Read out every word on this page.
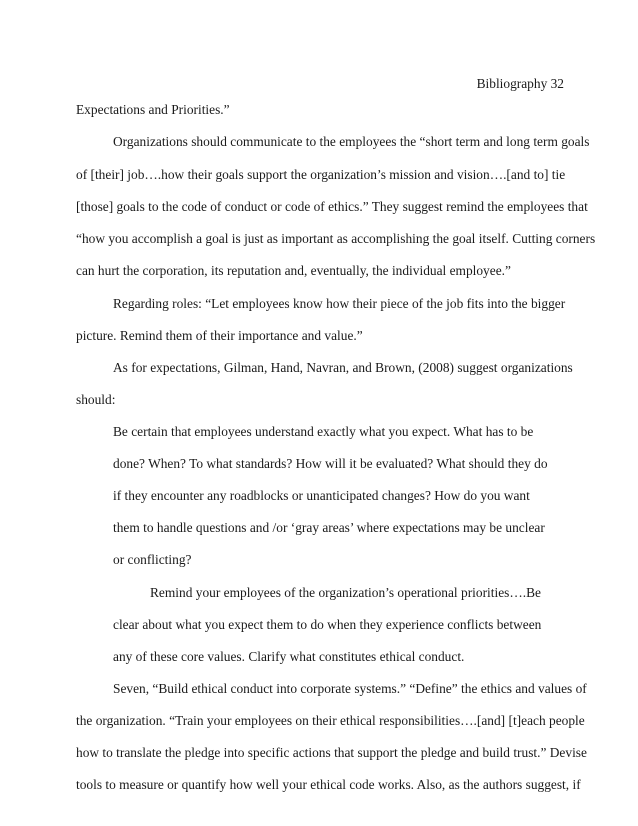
Bibliography 32
Expectations and Priorities.”
Organizations should communicate to the employees the “short term and long term goals
of [their] job….how their goals support the organization’s mission and vision….[and to] tie
[those] goals to the code of conduct or code of ethics.” They suggest remind the employees that
“how you accomplish a goal is just as important as accomplishing the goal itself. Cutting corners
can hurt the corporation, its reputation and, eventually, the individual employee.”
Regarding roles: “Let employees know how their piece of the job fits into the bigger
picture. Remind them of their importance and value.”
As for expectations, Gilman, Hand, Navran, and Brown, (2008) suggest organizations
should:
Be certain that employees understand exactly what you expect. What has to be
done? When? To what standards? How will it be evaluated? What should they do
if they encounter any roadblocks or unanticipated changes? How do you want
them to handle questions and /or ‘gray areas’ where expectations may be unclear
or conflicting?
Remind your employees of the organization’s operational priorities….Be
clear about what you expect them to do when they experience conflicts between
any of these core values. Clarify what constitutes ethical conduct.
Seven, “Build ethical conduct into corporate systems.” “Define” the ethics and values of
the organization. “Train your employees on their ethical responsibilities….[and] [t]each people
how to translate the pledge into specific actions that support the pledge and build trust.” Devise
tools to measure or quantify how well your ethical code works. Also, as the authors suggest, if
